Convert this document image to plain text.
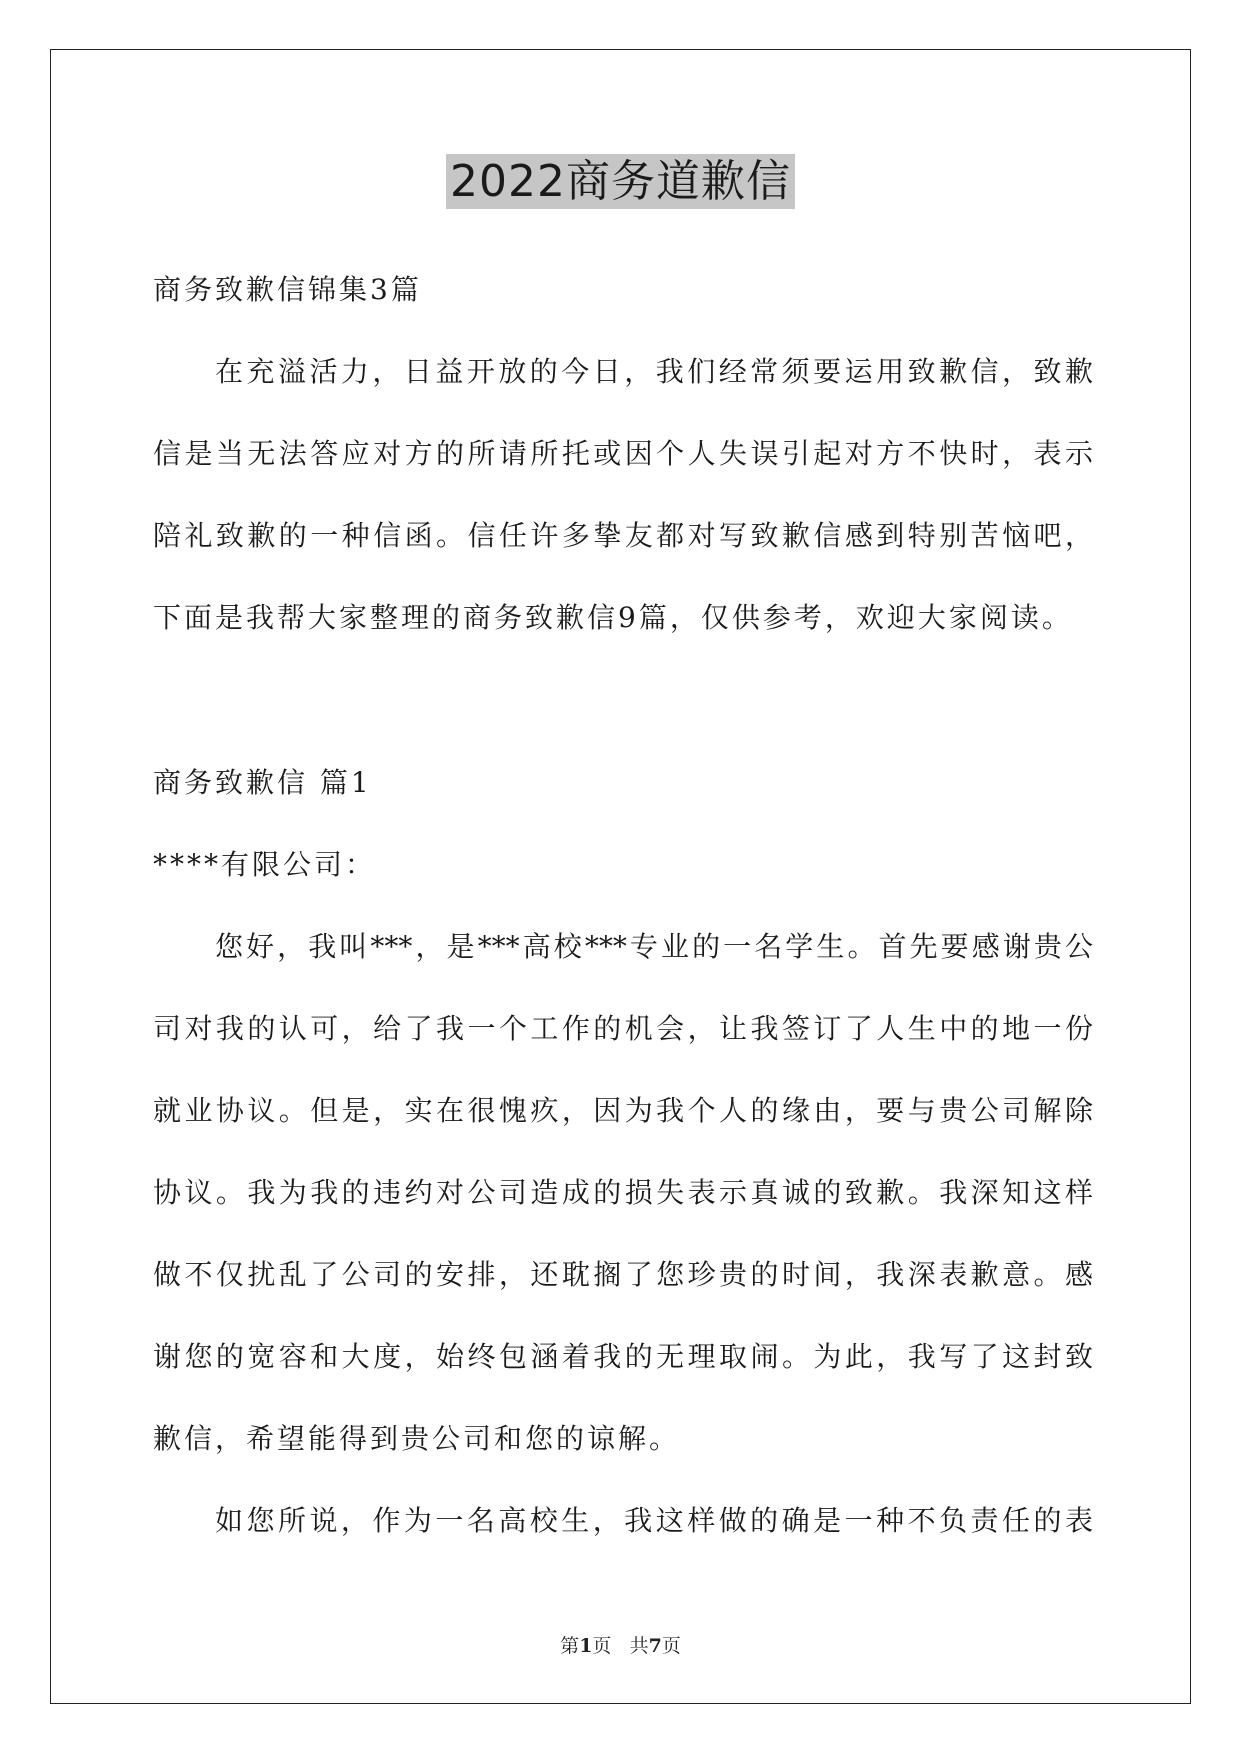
2022商务道歉信

商务致歉信锦集3篇

在充溢活力，日益开放的今日，我们经常须要运用致歉信，致歉

信是当无法答应对方的所请所托或因个人失误引起对方不快时，表示

陪礼致歉的一种信函。信任许多挚友都对写致歉信感到特别苦恼吧，

下面是我帮大家整理的商务致歉信9篇，仅供参考，欢迎大家阅读。

商务致歉信 篇1

****有限公司：

您好，我叫***，是***高校***专业的一名学生。首先要感谢贵公

司对我的认可，给了我一个工作的机会，让我签订了人生中的地一份

就业协议。但是，实在很愧疚，因为我个人的缘由，要与贵公司解除

协议。我为我的违约对公司造成的损失表示真诚的致歉。我深知这样

做不仅扰乱了公司的安排，还耽搁了您珍贵的时间，我深表歉意。感

谢您的宽容和大度，始终包涵着我的无理取闹。为此，我写了这封致

歉信，希望能得到贵公司和您的谅解。

如您所说，作为一名高校生，我这样做的确是一种不负责任的表

第1页 共7页
